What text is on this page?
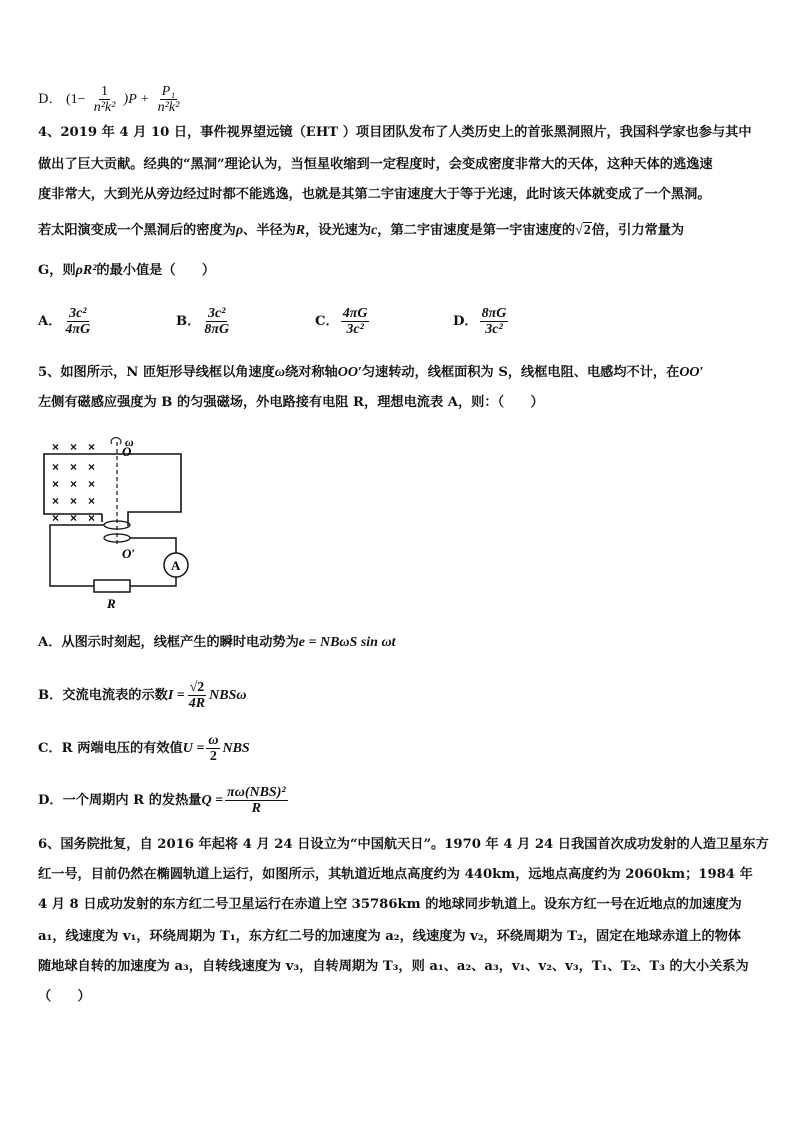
D． $(1- \frac{1}{\text{n²k²}} )P + \frac{\text{P₁}}{\text{n²k²}}$
4、2019 年 4 月 10 日，事件视界望远镜（EHT ）项目团队发布了人类历史上的首张黑洞照片，我国科学家也参与其中
做出了巨大贡献。经典的“黑洞”理论认为，当恒星收缩到一定程度时，会变成密度非常大的天体，这种天体的逃逸速
度非常大，大到光从旁边经过时都不能逃逸，也就是其第二宇宙速度大于等于光速，此时该天体就变成了一个黑洞。
若太阳演变成一个黑洞后的密度为ρ、半径为R，设光速为c，第二宇宙速度是第一宇宙速度的√2倍，引力常量为
G，则ρR²的最小值是（　　）
A． $\frac{\text{3c²}}{4\pi G}$	B． $\frac{\text{3c²}}{8\pi G}$	C． $\frac{4\pi G}{\text{3c²}}$	D． $\frac{8\pi G}{\text{3c²}}$
5、如图所示，N 匝矩形导线框以角速度ω绕对称轴OO′匀速转动，线框面积为 S，线框电阻、电感均不计，在OO′
左侧有磁感应强度为 B 的匀强磁场，外电路接有电阻 R，理想电流表 A，则：（　　）
× × ×
× × ×
× × ×
× × ×
× × ×
ω
O
O′
A
R
A．从图示时刻起，线框产生的瞬时电动势为e = NBωS sin ωt
B．交流电流表的示数$I = \frac{√2}{4R}$ NBSω
C．R 两端电压的有效值$U = \frac{\omega}{2}$ NBS
D．一个周期内 R 的发热量$Q = \frac{\text{πω(NBS)²}}{R}$
6、国务院批复，自 2016 年起将 4 月 24 日设立为“中国航天日”。1970 年 4 月 24 日我国首次成功发射的人造卫星东方
红一号，目前仍然在椭圆轨道上运行，如图所示，其轨道近地点高度约为 440km，远地点高度约为 2060km；1984 年
4 月 8 日成功发射的东方红二号卫星运行在赤道上空 35786km 的地球同步轨道上。设东方红一号在近地点的加速度为
a₁，线速度为 v₁，环绕周期为 T₁，东方红二号的加速度为 a₂，线速度为 v₂，环绕周期为 T₂，固定在地球赤道上的物体
随地球自转的加速度为 a₃，自转线速度为 v₃，自转周期为 T₃，则 a₁、a₂、a₃，v₁、v₂、v₃，T₁、T₂、T₃ 的大小关系为
（　　）
